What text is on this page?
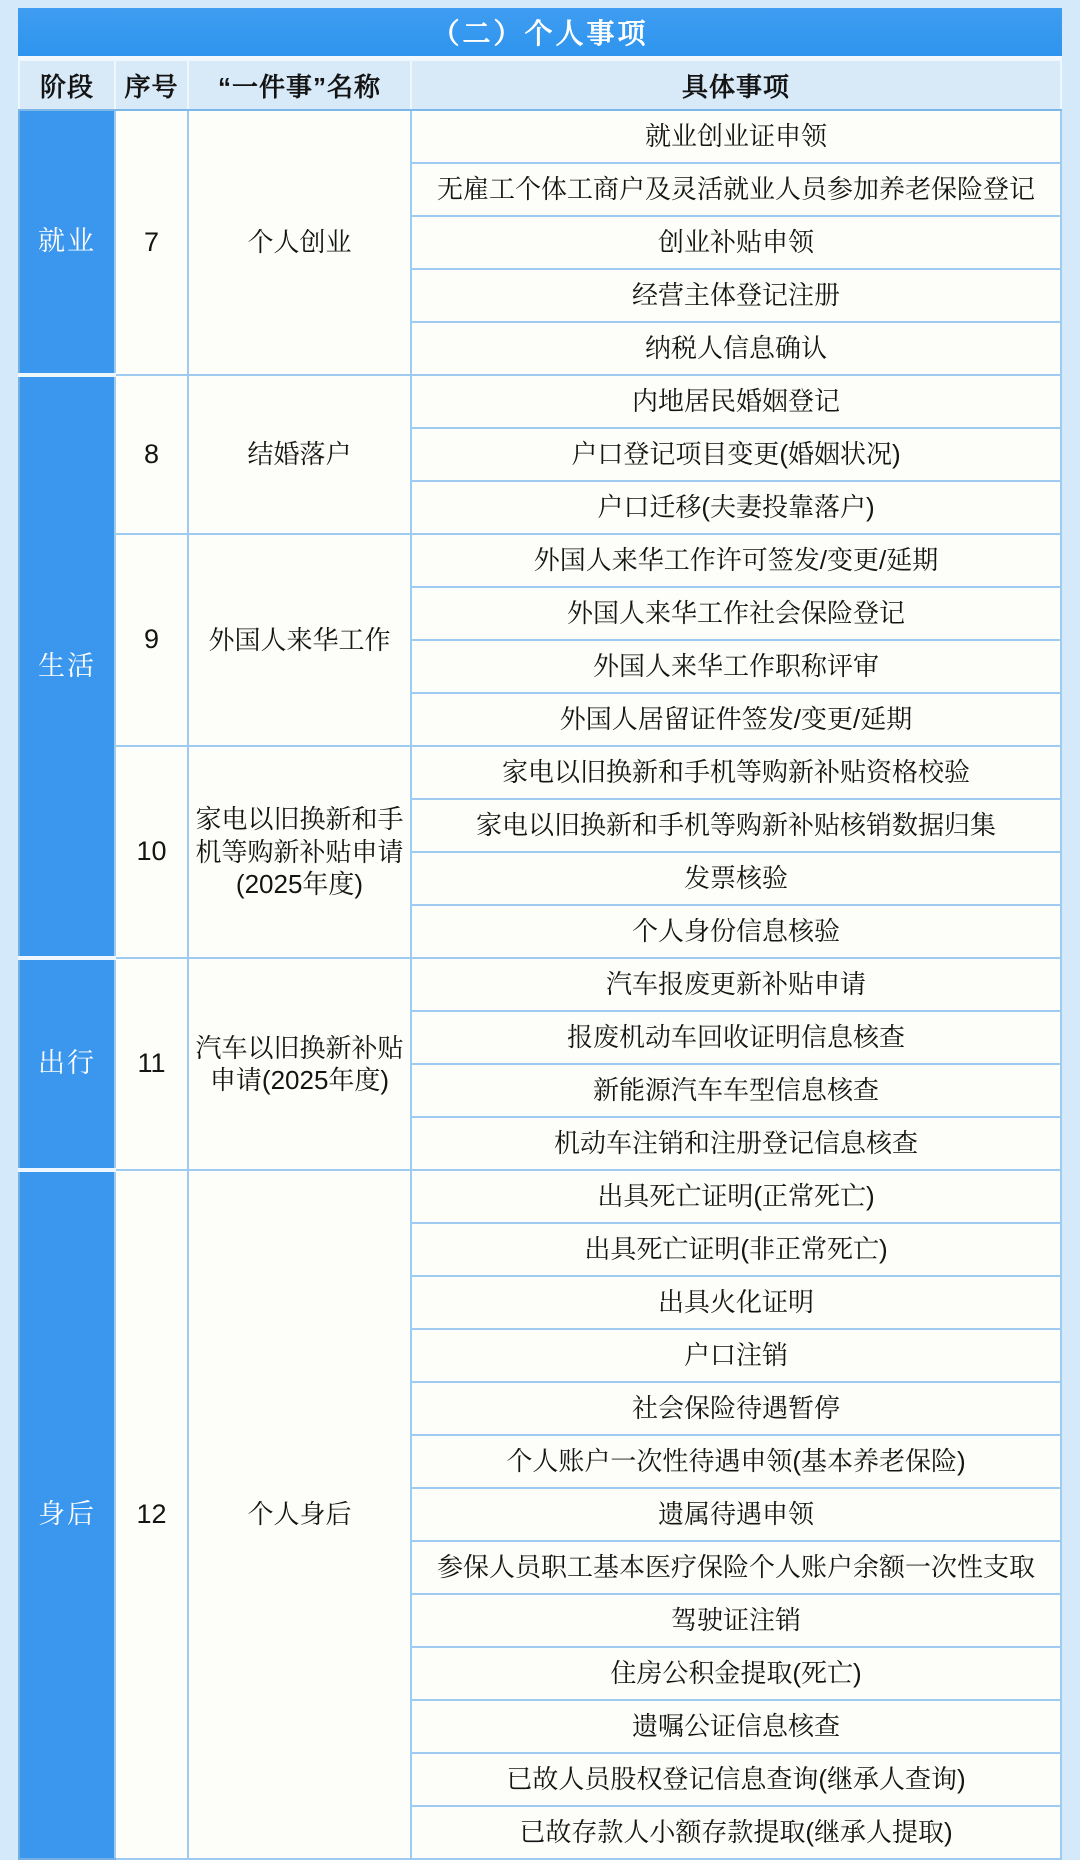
（二）个人事项
阶段	序号	“一件事”名称	具体事项
就业	7	个人创业	就业创业证申领
			无雇工个体工商户及灵活就业人员参加养老保险登记
			创业补贴申领
			经营主体登记注册
			纳税人信息确认
生活	8	结婚落户	内地居民婚姻登记
			户口登记项目变更(婚姻状况)
			户口迁移(夫妻投靠落户)
	9	外国人来华工作	外国人来华工作许可签发/变更/延期
			外国人来华工作社会保险登记
			外国人来华工作职称评审
			外国人居留证件签发/变更/延期
	10	家电以旧换新和手机等购新补贴申请(2025年度)	家电以旧换新和手机等购新补贴资格校验
			家电以旧换新和手机等购新补贴核销数据归集
			发票核验
			个人身份信息核验
出行	11	汽车以旧换新补贴申请(2025年度)	汽车报废更新补贴申请
			报废机动车回收证明信息核查
			新能源汽车车型信息核查
			机动车注销和注册登记信息核查
身后	12	个人身后	出具死亡证明(正常死亡)
			出具死亡证明(非正常死亡)
			出具火化证明
			户口注销
			社会保险待遇暂停
			个人账户一次性待遇申领(基本养老保险)
			遗属待遇申领
			参保人员职工基本医疗保险个人账户余额一次性支取
			驾驶证注销
			住房公积金提取(死亡)
			遗嘱公证信息核查
			已故人员股权登记信息查询(继承人查询)
			已故存款人小额存款提取(继承人提取)
